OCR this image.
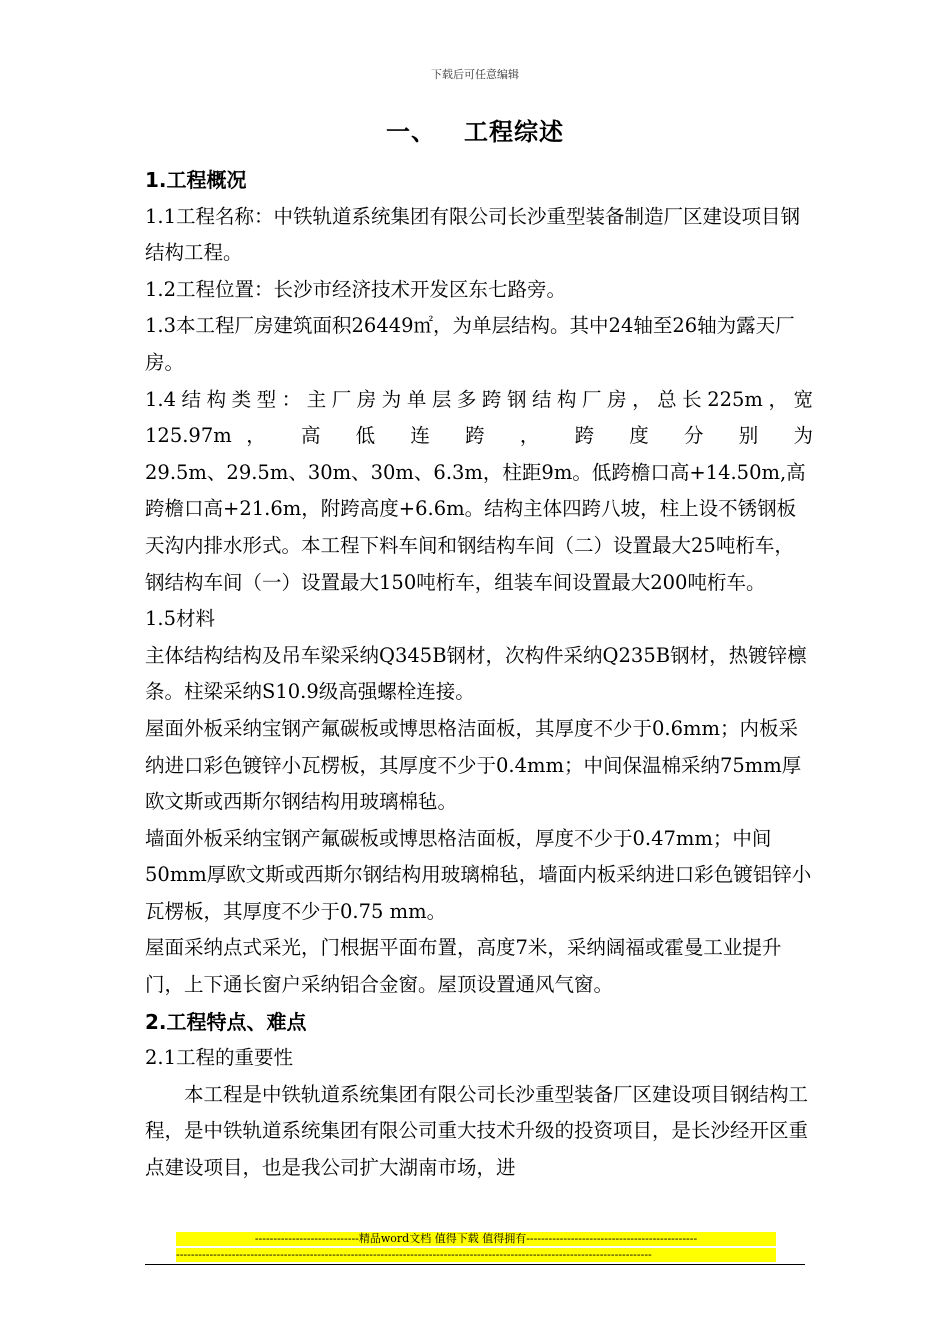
下载后可任意编辑
一、 工程综述

1.工程概况

1.1工程名称：中铁轨道系统集团有限公司长沙重型装备制造厂区建设项目钢结构工程。

1.2工程位置：长沙市经济技术开发区东七路旁。

1.3本工程厂房建筑面积26449㎡，为单层结构。其中24轴至26轴为露天厂房。

1.4结构类型：主厂房为单层多跨钢结构厂房，总长225m，宽

125.97m， 高 低 连 跨 ， 跨 度 分 别 为

29.5m、29.5m、30m、30m、6.3m，柱距9m。低跨檐口高+14.50m,高跨檐口高+21.6m，附跨高度+6.6m。结构主体四跨八坡，柱上设不锈钢板天沟内排水形式。本工程下料车间和钢结构车间（二）设置最大25吨桁车，钢结构车间（一）设置最大150吨桁车，组装车间设置最大200吨桁车。

1.5材料

主体结构结构及吊车梁采纳Q345B钢材，次构件采纳Q235B钢材，热镀锌檩条。柱梁采纳S10.9级高强螺栓连接。

屋面外板采纳宝钢产氟碳板或博思格洁面板，其厚度不少于0.6mm；内板采纳进口彩色镀锌小瓦楞板，其厚度不少于0.4mm；中间保温棉采纳75mm厚欧文斯或西斯尔钢结构用玻璃棉毡。

墙面外板采纳宝钢产氟碳板或博思格洁面板，厚度不少于0.47mm；中间50mm厚欧文斯或西斯尔钢结构用玻璃棉毡，墙面内板采纳进口彩色镀铝锌小瓦楞板，其厚度不少于0.75 mm。

屋面采纳点式采光，门根据平面布置，高度7米，采纳阔福或霍曼工业提升门，上下通长窗户采纳铝合金窗。屋顶设置通风气窗。

2.工程特点、难点

2.1工程的重要性

本工程是中铁轨道系统集团有限公司长沙重型装备厂区建设项目钢结构工程，是中铁轨道系统集团有限公司重大技术升级的投资项目，是长沙经开区重点建设项目，也是我公司扩大湖南市场，进

----------------------------精品word文档 值得下载 值得拥有----------------------------------------------
--------------------------------------------------------------------------------------------------------------------------------
